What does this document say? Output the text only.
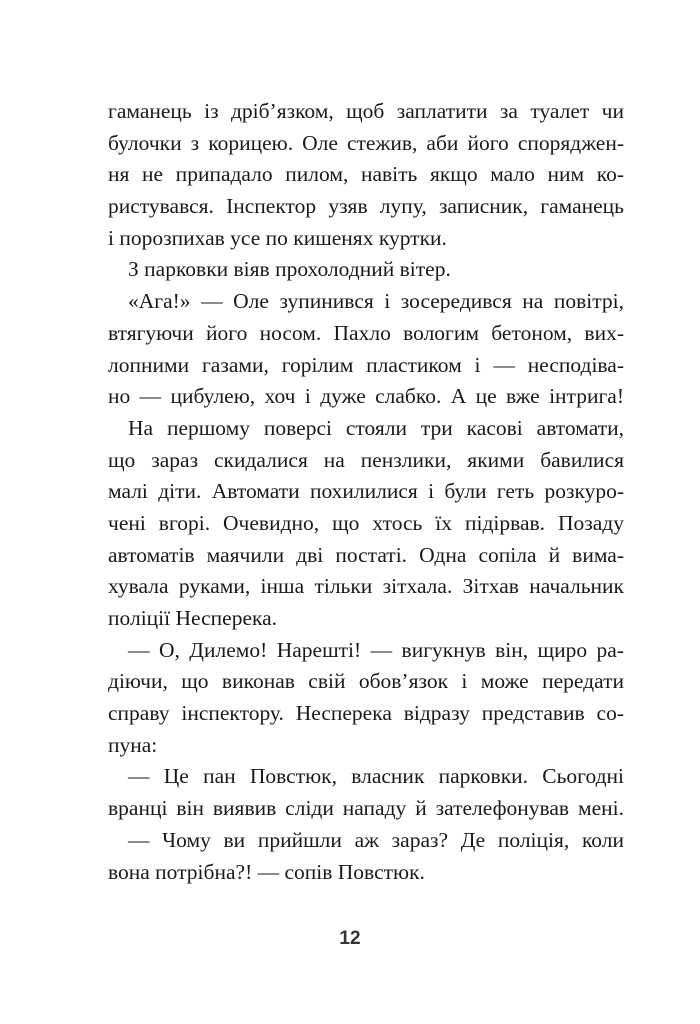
гаманець із дріб’язком, щоб заплатити за туалет чи
булочки з корицею. Оле стежив, аби його споряджен-
ня не припадало пилом, навіть якщо мало ним ко-
ристувався. Інспектор узяв лупу, записник, гаманець
і порозпихав усе по кишенях куртки.
З парковки віяв прохолодний вітер.
«Ага!» — Оле зупинився і зосередився на повітрі,
втягуючи його носом. Пахло вологим бетоном, вих-
лопними газами, горілим пластиком і — несподіва-
но — цибулею, хоч і дуже слабко. А це вже інтрига!
На першому поверсі стояли три касові автомати,
що зараз скидалися на пензлики, якими бавилися
малі діти. Автомати похилилися і були геть розкуро-
чені вгорі. Очевидно, що хтось їх підірвав. Позаду
автоматів маячили дві постаті. Одна сопіла й вима-
хувала руками, інша тільки зітхала. Зітхав начальник
поліції Несперека.
— О, Дилемо! Нарешті! — вигукнув він, щиро ра-
діючи, що виконав свій обов’язок і може передати
справу інспектору. Несперека відразу представив со-
пуна:
— Це пан Повстюк, власник парковки. Сьогодні
вранці він виявив сліди нападу й зателефонував мені.
— Чому ви прийшли аж зараз? Де поліція, коли
вона потрібна?! — сопів Повстюк.
12
